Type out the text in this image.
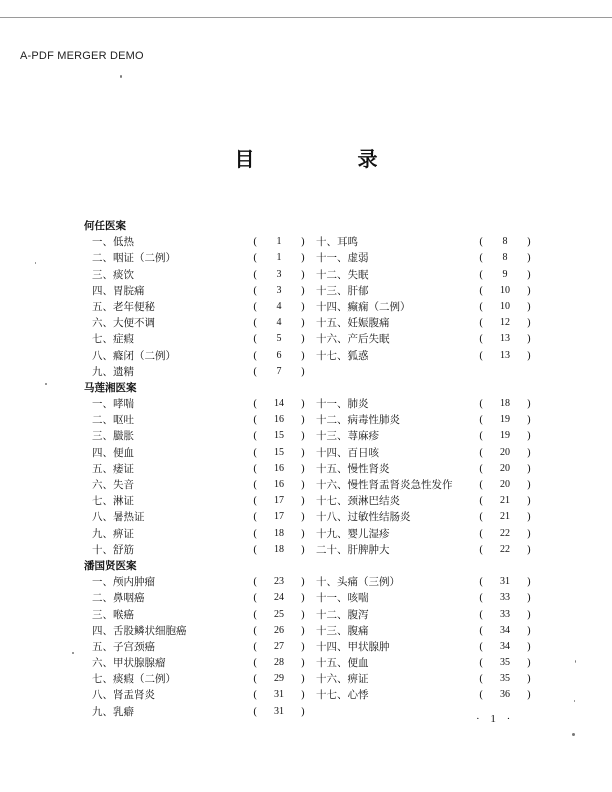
A-PDF MERGER DEMO
目 录
何任医案
一、低热	(	1	) 十、耳鸣	(	8	)
二、咽证（二例）	(	1	) 十一、虚弱	(	8	)
三、痰饮	(	3	) 十二、失眠	(	9	)
四、胃脘痛	(	3	) 十三、肝郁	(	10	)
五、老年便秘	(	4	) 十四、癫痫（二例）	(	10	)
六、大便不调	(	4	) 十五、妊娠腹痛	(	12	)
七、症瘕	(	5	) 十六、产后失眠	(	13	)
八、癃闭（二例）	(	6	) 十七、狐惑	(	13	)
九、遗精	(	7	)
马莲湘医案
一、哮喘	(	14	) 十一、肺炎	(	18	)
二、呕吐	(	16	) 十二、病毒性肺炎	(	19	)
三、臌胀	(	15	) 十三、荨麻疹	(	19	)
四、便血	(	15	) 十四、百日咳	(	20	)
五、痿证	(	16	) 十五、慢性肾炎	(	20	)
六、失音	(	16	) 十六、慢性肾盂肾炎急性发作	(	20	)
七、淋证	(	17	) 十七、颈淋巴结炎	(	21	)
八、暑热证	(	17	) 十八、过敏性结肠炎	(	21	)
九、痹证	(	18	) 十九、婴儿湿疹	(	22	)
十、舒筋	(	18	) 二十、肝脾肿大	(	22	)
潘国贤医案
一、颅内肿瘤	(	23	) 十、头痛（三例）	(	31	)
二、鼻咽癌	(	24	) 十一、咳喘	(	33	)
三、喉癌	(	25	) 十二、腹泻	(	33	)
四、舌股鳞状细胞癌	(	26	) 十三、腹痛	(	34	)
五、子宫颈癌	(	27	) 十四、甲状腺肿	(	34	)
六、甲状腺腺瘤	(	28	) 十五、便血	(	35	)
七、痰瘕（二例）	(	29	) 十六、痹证	(	35	)
八、肾盂肾炎	(	31	) 十七、心悸	(	36	)
九、乳癖	(	31	)
· 1 ·
